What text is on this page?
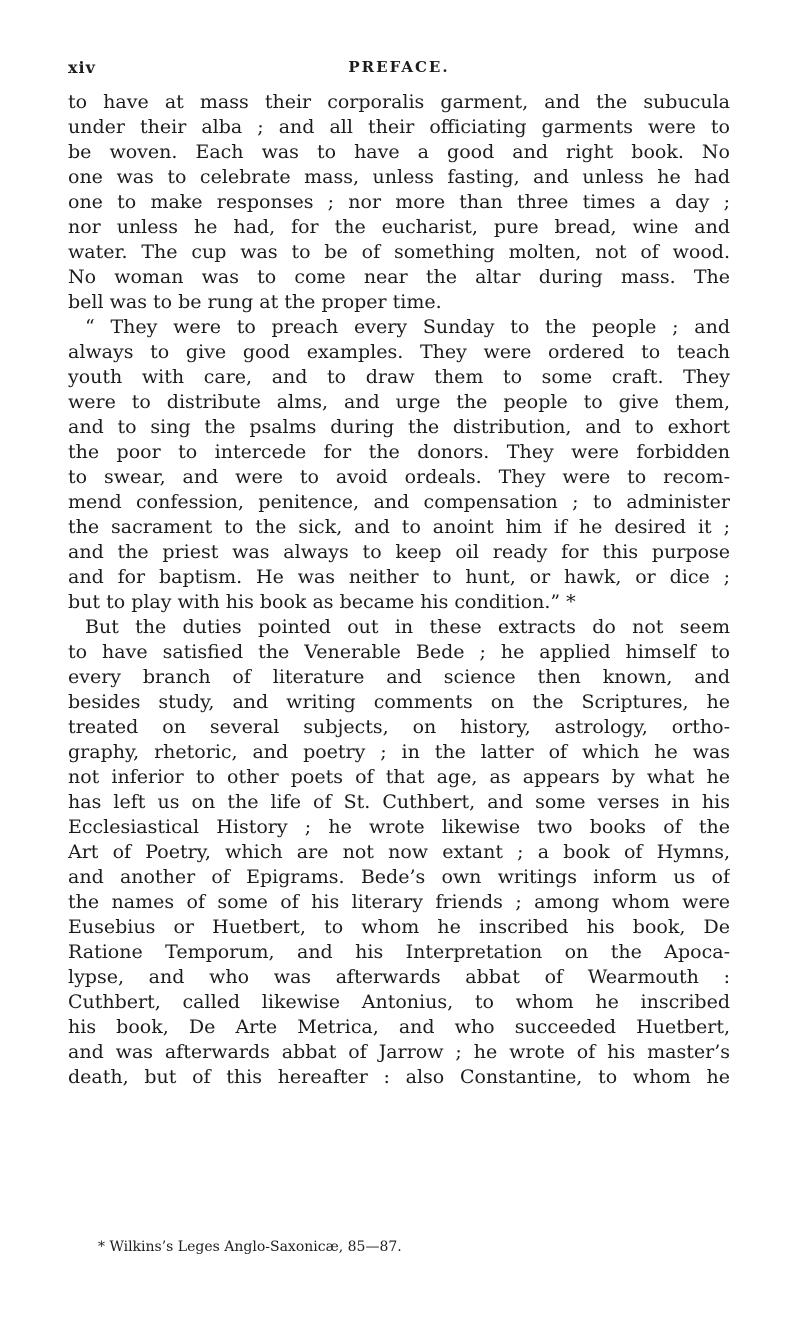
xiv	PREFACE.
to have at mass their corporalis garment, and the subucula
under their alba ; and all their officiating garments were to
be woven. Each was to have a good and right book. No
one was to celebrate mass, unless fasting, and unless he had
one to make responses ; nor more than three times a day ;
nor unless he had, for the eucharist, pure bread, wine and
water. The cup was to be of something molten, not of wood.
No woman was to come near the altar during mass. The
bell was to be rung at the proper time.
“ They were to preach every Sunday to the people ; and
always to give good examples. They were ordered to teach
youth with care, and to draw them to some craft. They
were to distribute alms, and urge the people to give them,
and to sing the psalms during the distribution, and to exhort
the poor to intercede for the donors. They were forbidden
to swear, and were to avoid ordeals. They were to recom-
mend confession, penitence, and compensation ; to administer
the sacrament to the sick, and to anoint him if he desired it ;
and the priest was always to keep oil ready for this purpose
and for baptism. He was neither to hunt, or hawk, or dice ;
but to play with his book as became his condition.” *
But the duties pointed out in these extracts do not seem
to have satisfied the Venerable Bede ; he applied himself to
every branch of literature and science then known, and
besides study, and writing comments on the Scriptures, he
treated on several subjects, on history, astrology, ortho-
graphy, rhetoric, and poetry ; in the latter of which he was
not inferior to other poets of that age, as appears by what he
has left us on the life of St. Cuthbert, and some verses in his
Ecclesiastical History ; he wrote likewise two books of the
Art of Poetry, which are not now extant ; a book of Hymns,
and another of Epigrams. Bede’s own writings inform us of
the names of some of his literary friends ; among whom were
Eusebius or Huetbert, to whom he inscribed his book, De
Ratione Temporum, and his Interpretation on the Apoca-
lypse, and who was afterwards abbat of Wearmouth :
Cuthbert, called likewise Antonius, to whom he inscribed
his book, De Arte Metrica, and who succeeded Huetbert,
and was afterwards abbat of Jarrow ; he wrote of his master’s
death, but of this hereafter : also Constantine, to whom he
* Wilkins’s Leges Anglo-Saxonicæ, 85—87.
